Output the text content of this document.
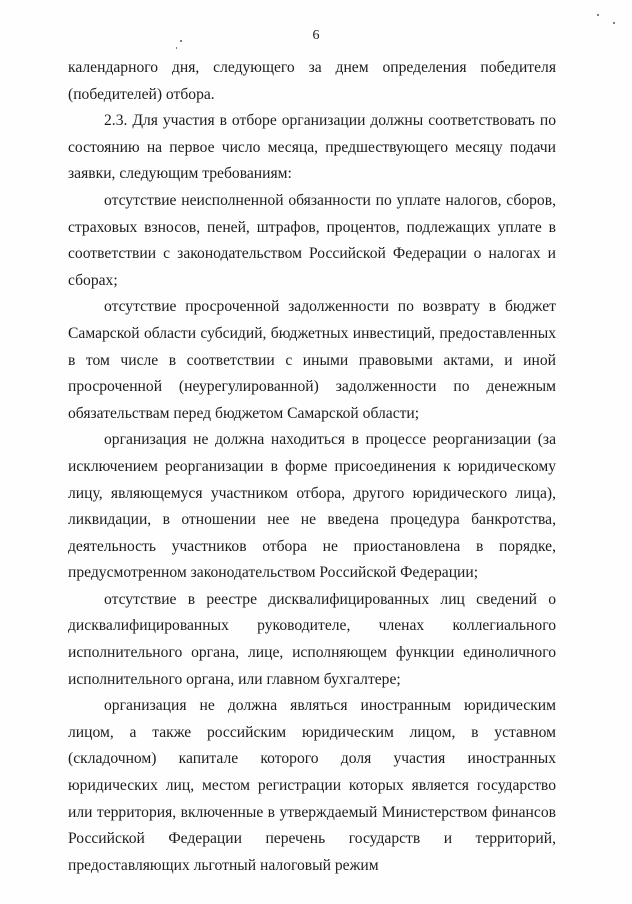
6

календарного дня, следующего за днем определения победителя (победителей) отбора.

2.3. Для участия в отборе организации должны соответствовать по состоянию на первое число месяца, предшествующего месяцу подачи заявки, следующим требованиям:

отсутствие неисполненной обязанности по уплате налогов, сборов, страховых взносов, пеней, штрафов, процентов, подлежащих уплате в соответствии с законодательством Российской Федерации о налогах и сборах;

отсутствие просроченной задолженности по возврату в бюджет Самарской области субсидий, бюджетных инвестиций, предоставленных в том числе в соответствии с иными правовыми актами, и иной просроченной (неурегулированной) задолженности по денежным обязательствам перед бюджетом Самарской области;

организация не должна находиться в процессе реорганизации (за исключением реорганизации в форме присоединения к юридическому лицу, являющемуся участником отбора, другого юридического лица), ликвидации, в отношении нее не введена процедура банкротства, деятельность участников отбора не приостановлена в порядке, предусмотренном законодательством Российской Федерации;

отсутствие в реестре дисквалифицированных лиц сведений о дисквалифицированных руководителе, членах коллегиального исполнительного органа, лице, исполняющем функции единоличного исполнительного органа, или главном бухгалтере;

организация не должна являться иностранным юридическим лицом, а также российским юридическим лицом, в уставном (складочном) капитале которого доля участия иностранных юридических лиц, местом регистрации которых является государство или территория, включенные в утверждаемый Министерством финансов Российской Федерации перечень государств и территорий, предоставляющих льготный налоговый режим
